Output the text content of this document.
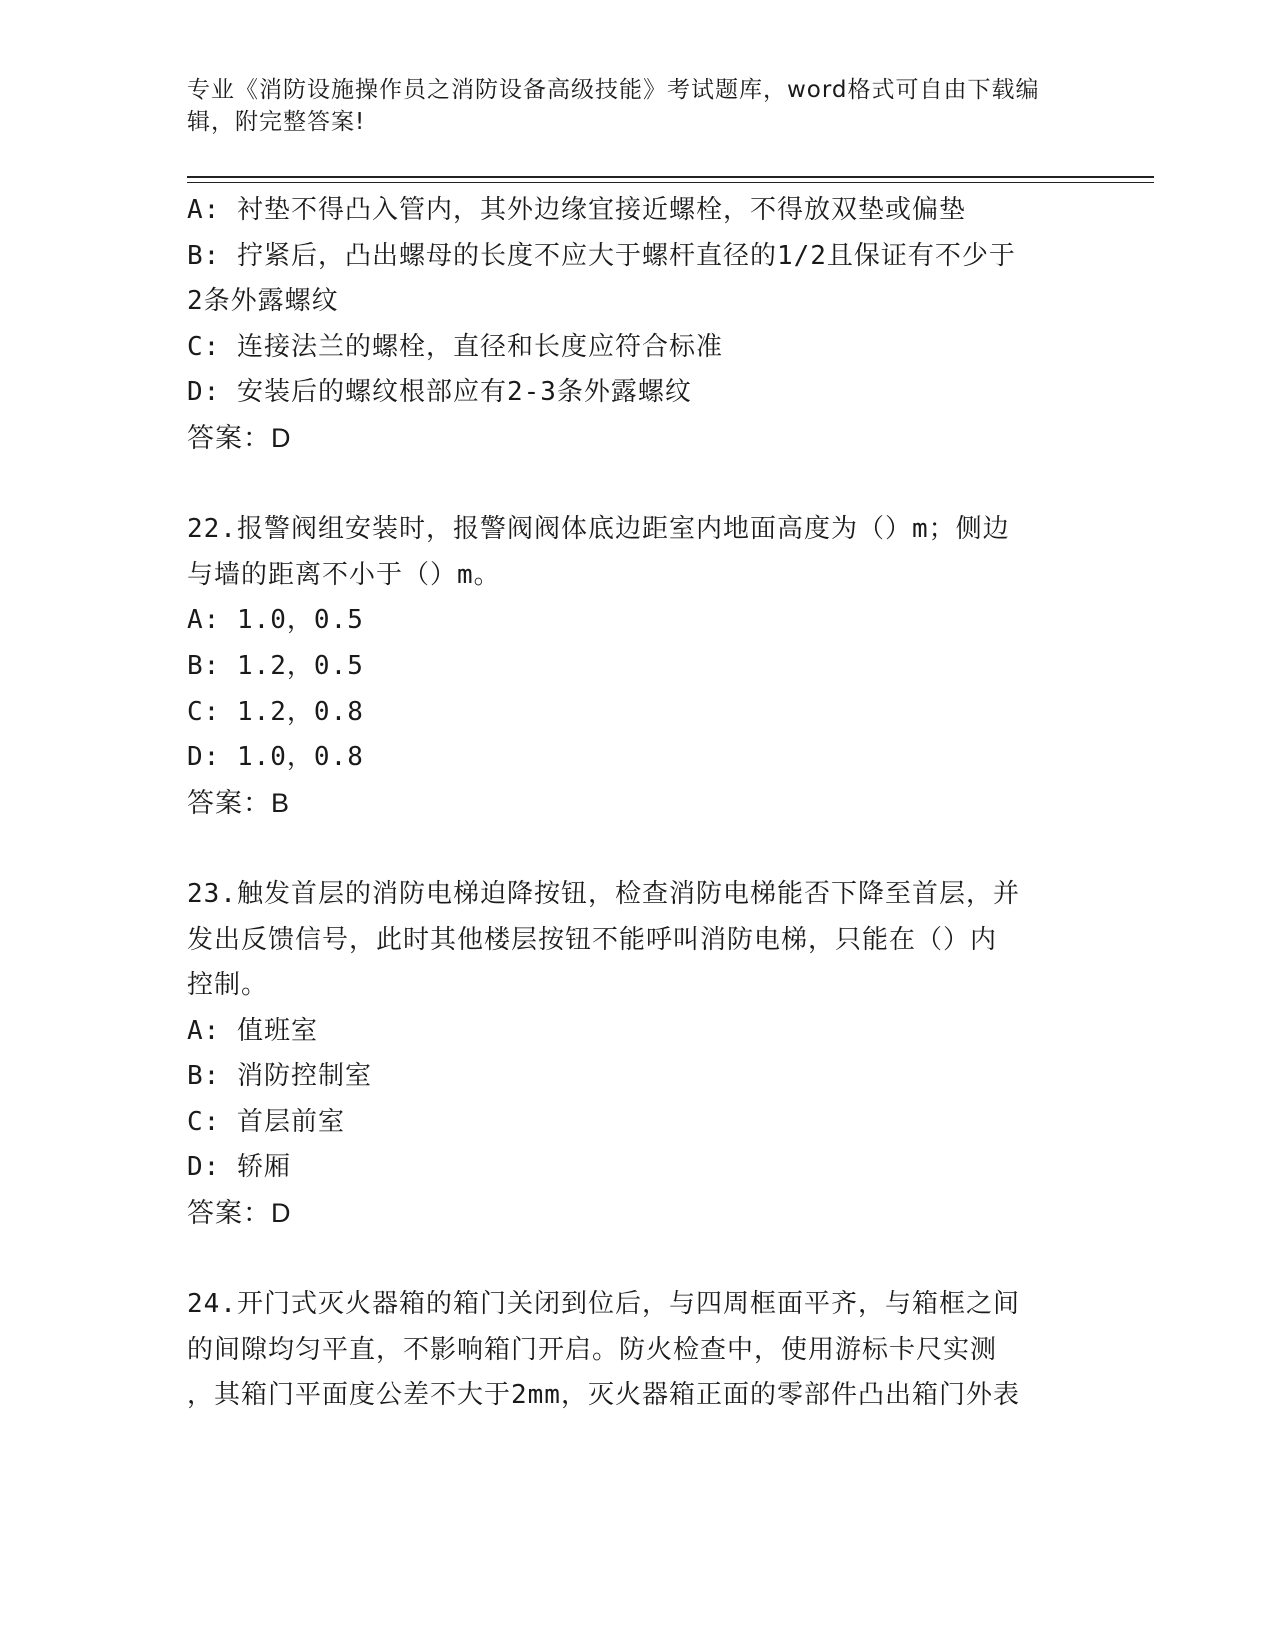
专业《消防设施操作员之消防设备高级技能》考试题库，word格式可自由下载编
辑，附完整答案!
A: 衬垫不得凸入管内，其外边缘宜接近螺栓，不得放双垫或偏垫
B: 拧紧后，凸出螺母的长度不应大于螺杆直径的1/2且保证有不少于
2条外露螺纹
C: 连接法兰的螺栓，直径和长度应符合标准
D: 安装后的螺纹根部应有2-3条外露螺纹
答案：D
22.报警阀组安装时，报警阀阀体底边距室内地面高度为（）m；侧边
与墙的距离不小于（）m。
A: 1.0，0.5
B: 1.2，0.5
C: 1.2，0.8
D: 1.0，0.8
答案：B
23.触发首层的消防电梯迫降按钮，检查消防电梯能否下降至首层，并
发出反馈信号，此时其他楼层按钮不能呼叫消防电梯，只能在（）内
控制。
A: 值班室
B: 消防控制室
C: 首层前室
D: 轿厢
答案：D
24.开门式灭火器箱的箱门关闭到位后，与四周框面平齐，与箱框之间
的间隙均匀平直，不影响箱门开启。防火检查中，使用游标卡尺实测
，其箱门平面度公差不大于2mm，灭火器箱正面的零部件凸出箱门外表
